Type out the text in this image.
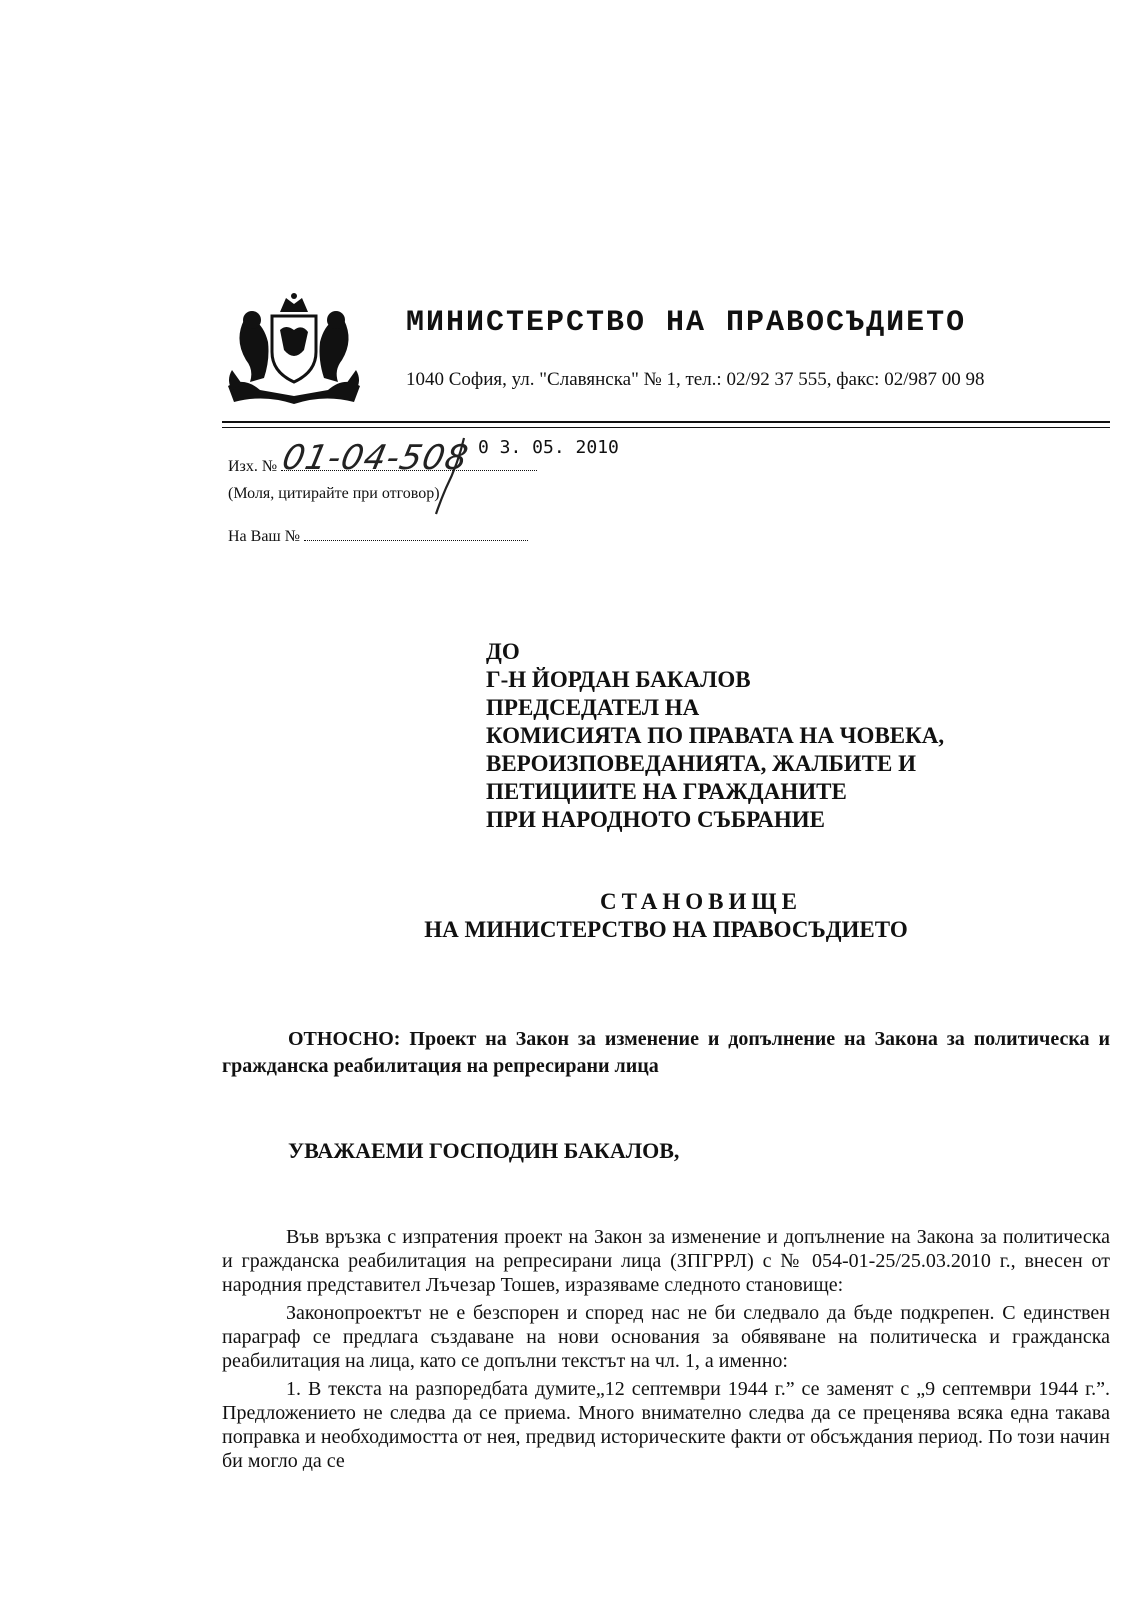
МИНИСТЕРСТВО НА ПРАВОСЪДИЕТО
1040 София, ул. "Славянска" № 1, тел.: 02/92 37 555, факс: 02/987 00 98
Изх. № 01-04-508 0 3. 05. 2010
(Моля, цитирайте при отговор)
На Ваш №
ДО
Г-Н ЙОРДАН БАКАЛОВ
ПРЕДСЕДАТЕЛ НА
КОМИСИЯТА ПО ПРАВАТА НА ЧОВЕКА,
ВЕРОИЗПОВЕДАНИЯТА, ЖАЛБИТЕ И
ПЕТИЦИИТЕ НА ГРАЖДАНИТЕ
ПРИ НАРОДНОТО СЪБРАНИЕ
СТАНОВИЩЕ
НА МИНИСТЕРСТВО НА ПРАВОСЪДИЕТО
ОТНОСНО: Проект на Закон за изменение и допълнение на Закона за политическа и гражданска реабилитация на репресирани лица
УВАЖАЕМИ ГОСПОДИН БАКАЛОВ,

Във връзка с изпратения проект на Закон за изменение и допълнение на Закона за политическа и гражданска реабилитация на репресирани лица (ЗПГРРЛ) с № 054-01-25/25.03.2010 г., внесен от народния представител Лъчезар Тошев, изразяваме следното становище:

Законопроектът не е безспорен и според нас не би следвало да бъде подкрепен. С единствен параграф се предлага създаване на нови основания за обявяване на политическа и гражданска реабилитация на лица, като се допълни текстът на чл. 1, а именно:

1. В текста на разпоредбата думите„12 септември 1944 г.” се заменят с „9 септември 1944 г.”. Предложението не следва да се приема. Много внимателно следва да се преценява всяка една такава поправка и необходимостта от нея, предвид историческите факти от обсъждания период. По този начин би могло да се
